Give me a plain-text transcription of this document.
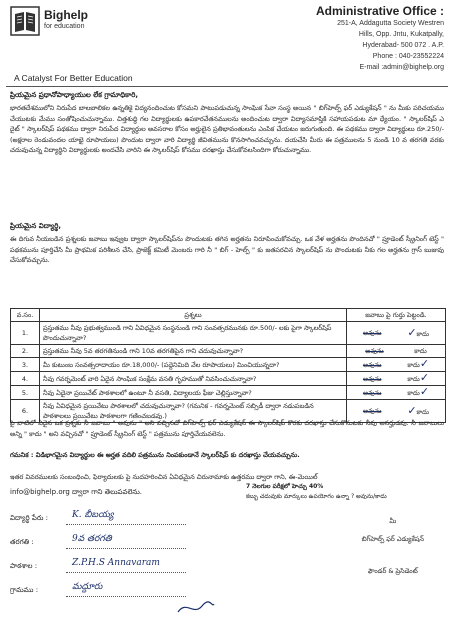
Bighelp
for education
A Catalyst For Better Education
Administrative Office :
251-A, Addagutta Society Westren
Hills, Opp. Jntu, Kukatpally,
Hyderabad- 500 072 . A.P.
Phone : 040-23552224
E-mail :admin@bighelp.org
ప్రియమైన ప్రధానోపాధ్యాయుల లేక గ్రామాధికారి,
భారతదేశములోని నిరుపేద బాలబాలికల ఉన్నతికై విద్యనందించుట కోసమని పాటుపడుచున్న సాంఘిక సేవా సంస్థ అయిన " బిగ్‌హెల్ప్ ఫర్ ఎడ్యుకేషన్ " ను మీకు పరిచయము చేయుటకు మేము సంతోషించుచున్నాము. చిత్తశుద్ధి గల విద్యార్థులకు ఉపకారవేతనములను అందించుట ద్వారా విద్యాసమాప్తికి సహాయపడుట మా ధ్యేయం. " స్కాలర్‌షిప్ ఎ దైట్ " స్కాలర్‌షిప్ పథకము ద్వారా నిరుపేద విద్యార్థుల అవసరాల కోసం అర్హులైన ప్రతిభావంతులను ఎంపిక చేయటం జరుగుతుంది. ఈ పథకము ద్వారా విద్యార్థులు రూ.250/- (అక్షరాల రెండువందల యాభై రూపాయలు) పొందుట ద్వారా వారి విద్యార్థి జీవితమును కొనసాగించవచ్చును. దయచేసి మీరు ఈ పత్రములను 5 నుండి 10 వ తరగతి వరకు చదువుచున్న విద్యార్థిని విద్యార్థులకు అందచేసి వారిని ఈ స్కాలర్‌షిప్ కోసము దరఖాస్తు చేసుకోవలసిందిగా కోరుచున్నాము.
ప్రియమైన విద్యార్థి,
ఈ దిగువ నీయబడిన ప్రశ్నలకు జవాబు ఇవ్వుట ద్వారా స్కాలర్‌షిప్‌ను పొందుటకు తగిన అర్హతను నిరూపించుకోవచ్చు. ఒక వేళ అర్హతను పొందినచో " ప్రూడెంట్ స్క్రీనింగ్ టెస్ట్ " పథకమును పూర్తిచేసి మీ ప్రాథమిక పరిశీలన చేసి, ప్రాజెక్ట్ కమిటీ మెంబరు గారి నీ " బిగ్ - హెల్ప్ " కు జతపరచిన స్కాలర్‌షిప్ ను పొందుటకు నీకు గల అర్హతను గ్రాస్ బుజువు చేసుకోవచ్చును.
వ.సం.	ప్రశ్నలు	జవాబు పై గుర్తు పెట్టండి.
1.	ప్రస్తుతము నీవు ప్రభుత్వముండి గాని ఏవిధమైన సంస్థనుండి గాని సంవత్సరమునకు రూ.500/- లకు పైగా స్కాలర్‌షిప్ పొందుచున్నావా?	అవును ✓కాదు

2.	ప్రస్తుతము నీవు 5వ తరగతినుండి గాని 10వ తరగతిపైన గాని చదువుచున్నావా?	అవును కాదు

3.	మీ కుటుంబ సంవత్సరాదాయం రూ.18,000/- (పద్దెనిమిది వేల రూపాయలు) మించియున్నదా?	అవును కాదు✓

4.	నీవు గవర్నమెంట్ వారి ఏదైన సాంఘిక సంక్షేమ వసతి గృహముతో నివసించుచున్నావా?	అవును కాదు✓

5.	నీవు ఏదైనా ప్రయివేట్ పాఠశాలలో ఉంటూ నీ వసతి, విద్యాలయ ఫీజు చెల్లిస్తున్నావా?	అవును కాదు✓

6.	నీవు ఏవిధమైన ప్రయివేటు పాఠశాలలో చదువుచున్నావా? (గమనిక - గవర్నమెంట్ సబ్సిడీ ద్వారా నడుపబడిన పాఠశాలలు ప్రయివేటు పాఠశాలగా గణించబడవు.)	అవును ✓కాదు
పై వాటిలో ఏదైన ఒక ప్రశ్నకు నీ జవాబు " అవును " అని వచ్చినచో బిగ్‌హెల్ప్ ఫర్ ఎడ్యుకేషన్ ఈ స్కాలర్‌షిప్ కొరకు దరఖాస్తు చేసుకొనుటకు నీవు అనర్హుడవు. నీ జవాబులు అన్ని " కాదు " అని వచ్చినచో " ప్రూడెంట్ స్క్రీనింగ్ టెస్ట్ " పత్రమును పూర్తిచేయవలెను.
గమనిక : విడిభాగమైన విద్యార్థుల ఈ అర్హత వదిలి పత్రమును నింపకుండానే స్కాలర్‌షిప్ కు దరఖాస్తు చేయవచ్చును.
ఇతర వివరములకు సంబంధించి, ఫిర్యాదులకు పై నుదహరించిన ఏవిధమైన చిరునామాకు ఉత్తరము ద్వారా గాని, ఈ-మెయిల్
info@bighelp.org ద్వారా గాని తెలుపవలెను.
7 నెలగుల పరీక్షలో హెచ్చు 40%
కబ్బు చదువుకు మార్కులు ఉపయోగం ఉన్నా ? అవును/కాదు
విద్యార్థి పేరు :	K. బీబయ్య
తరగతి :	9వ తరగతి
పాఠశాల :	Z.P.H.S Annavaram
గ్రామము :	మద్దూరు
మీ
బిగ్‌హెల్ప్ ఫర్ ఎడ్యుకేషన్
ఫౌండర్ & ప్రెసిడెంట్
